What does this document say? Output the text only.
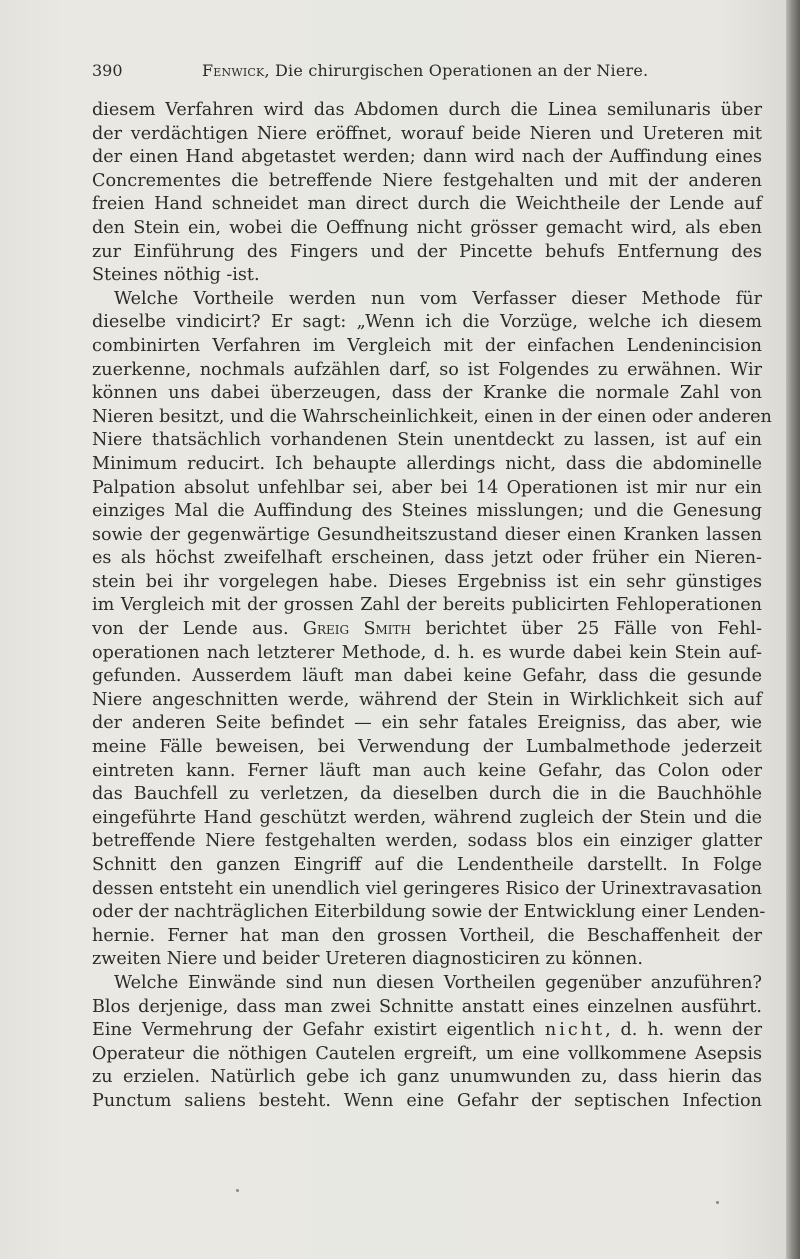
390	Fenwick, Die chirurgischen Operationen an der Niere.

diesem Verfahren wird das Abdomen durch die Linea semilunaris über
der verdächtigen Niere eröffnet, worauf beide Nieren und Ureteren mit
der einen Hand abgetastet werden; dann wird nach der Auffindung eines
Concrementes die betreffende Niere festgehalten und mit der anderen
freien Hand schneidet man direct durch die Weichtheile der Lende auf
den Stein ein, wobei die Oeffnung nicht grösser gemacht wird, als eben
zur Einführung des Fingers und der Pincette behufs Entfernung des
Steines nöthig -ist.

Welche Vortheile werden nun vom Verfasser dieser Methode für
dieselbe vindicirt? Er sagt: „Wenn ich die Vorzüge, welche ich diesem
combinirten Verfahren im Vergleich mit der einfachen Lendenincision
zuerkenne, nochmals aufzählen darf, so ist Folgendes zu erwähnen. Wir
können uns dabei überzeugen, dass der Kranke die normale Zahl von
Nieren besitzt, und die Wahrscheinlichkeit, einen in der einen oder anderen
Niere thatsächlich vorhandenen Stein unentdeckt zu lassen, ist auf ein
Minimum reducirt. Ich behaupte allerdings nicht, dass die abdominelle
Palpation absolut unfehlbar sei, aber bei 14 Operationen ist mir nur ein
einziges Mal die Auffindung des Steines misslungen; und die Genesung
sowie der gegenwärtige Gesundheitszustand dieser einen Kranken lassen
es als höchst zweifelhaft erscheinen, dass jetzt oder früher ein Nieren-
stein bei ihr vorgelegen habe. Dieses Ergebniss ist ein sehr günstiges
im Vergleich mit der grossen Zahl der bereits publicirten Fehloperationen
von der Lende aus. Greig Smith berichtet über 25 Fälle von Fehl-
operationen nach letzterer Methode, d. h. es wurde dabei kein Stein auf-
gefunden. Ausserdem läuft man dabei keine Gefahr, dass die gesunde
Niere angeschnitten werde, während der Stein in Wirklichkeit sich auf
der anderen Seite befindet — ein sehr fatales Ereigniss, das aber, wie
meine Fälle beweisen, bei Verwendung der Lumbalmethode jederzeit
eintreten kann. Ferner läuft man auch keine Gefahr, das Colon oder
das Bauchfell zu verletzen, da dieselben durch die in die Bauchhöhle
eingeführte Hand geschützt werden, während zugleich der Stein und die
betreffende Niere festgehalten werden, sodass blos ein einziger glatter
Schnitt den ganzen Eingriff auf die Lendentheile darstellt. In Folge
dessen entsteht ein unendlich viel geringeres Risico der Urinextravasation
oder der nachträglichen Eiterbildung sowie der Entwicklung einer Lenden-
hernie. Ferner hat man den grossen Vortheil, die Beschaffenheit der
zweiten Niere und beider Ureteren diagnosticiren zu können.

Welche Einwände sind nun diesen Vortheilen gegenüber anzuführen?
Blos derjenige, dass man zwei Schnitte anstatt eines einzelnen ausführt.
Eine Vermehrung der Gefahr existirt eigentlich nicht, d. h. wenn der
Operateur die nöthigen Cautelen ergreift, um eine vollkommene Asepsis
zu erzielen. Natürlich gebe ich ganz unumwunden zu, dass hierin das
Punctum saliens besteht. Wenn eine Gefahr der septischen Infection
